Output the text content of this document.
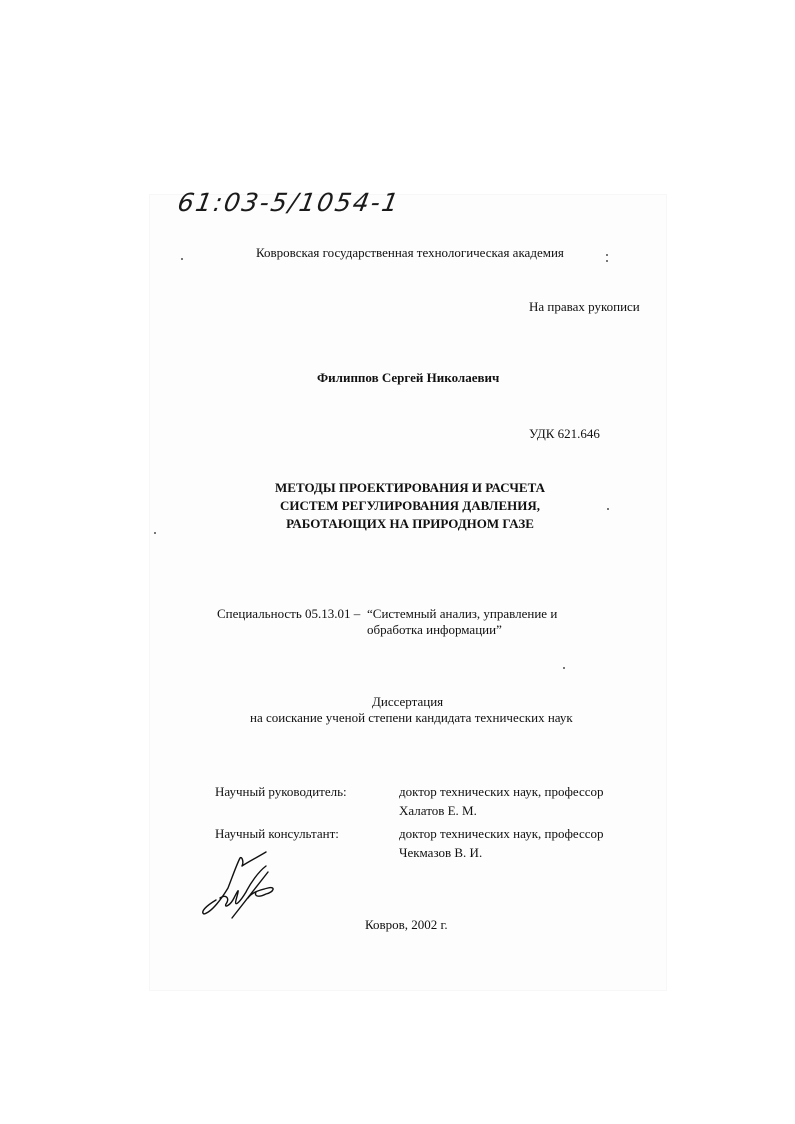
61:03-5/1054-1
Ковровская государственная технологическая академия
На правах рукописи
Филиппов Сергей Николаевич
УДК 621.646
МЕТОДЫ ПРОЕКТИРОВАНИЯ И РАСЧЕТА
СИСТЕМ РЕГУЛИРОВАНИЯ ДАВЛЕНИЯ,
РАБОТАЮЩИХ НА ПРИРОДНОМ ГАЗЕ
Специальность 05.13.01 – “Системный анализ, управление и
обработка информации”
Диссертация
на соискание ученой степени кандидата технических наук
Научный руководитель:	доктор технических наук, профессор
Халатов Е. М.
Научный консультант:	доктор технических наук, профессор
Чекмазов В. И.
Ковров, 2002 г.
